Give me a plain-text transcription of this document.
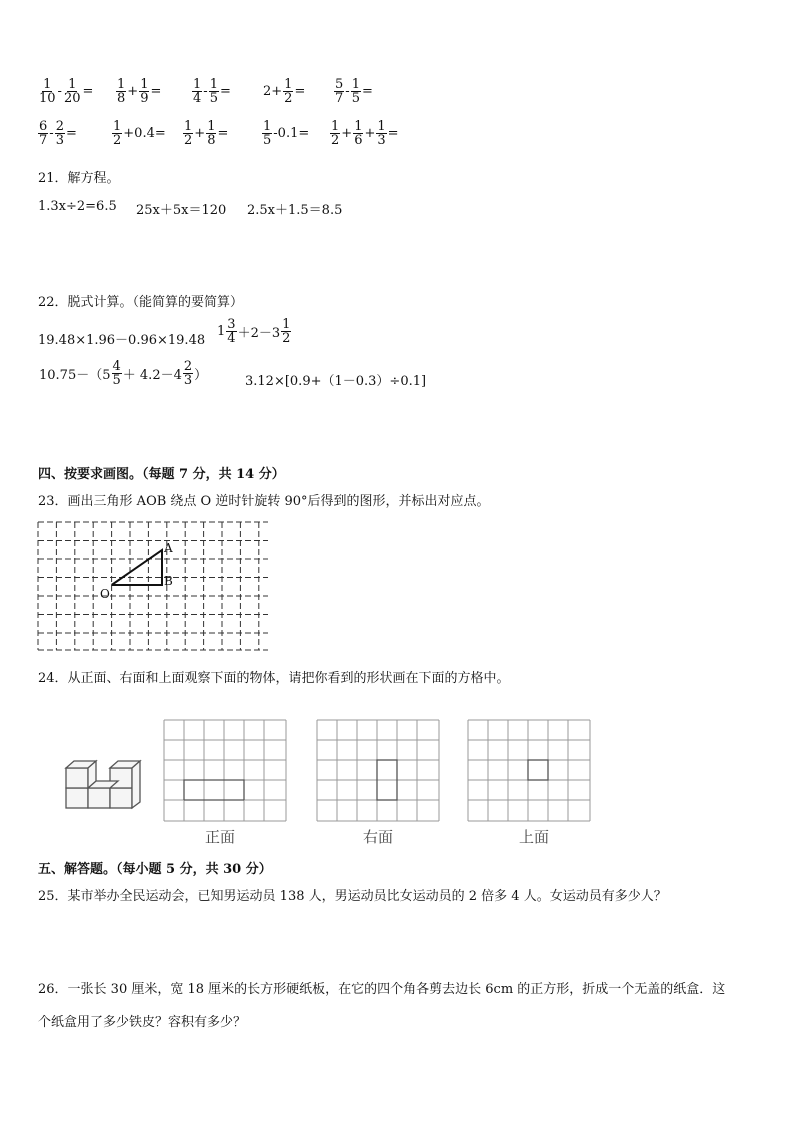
$\frac{1}{10} - \frac{1}{20} = \frac{1}{8} + \frac{1}{9} = \frac{1}{4} - \frac{1}{5} = 2+ \frac{1}{2} = \frac{5}{7} - \frac{1}{5}$ =
$\frac{6}{7} - \frac{2}{3}$ =	$\frac{1}{2} +0.4= \frac{1}{2} + \frac{1}{8}$ =	$\frac{1}{5} -0.1= \frac{1}{2} + \frac{1}{6} + \frac{1}{3}$ =
21．解方程。
1.3x÷2=6.5 25x＋5x＝120 2.5x＋1.5＝8.5
22．脱式计算。（能简算的要简算）
19.48×1.96－0.96×19.48
$1 \frac{3}{4} +2-3 \frac{1}{2}$
$10.75-(5 \frac{4}{5} + 4.2-4 \frac{2}{3}$ ）	3.12×[0.9+（1－0.3）÷0.1]
四、按要求画图。（每题 7 分，共 14 分）
23．画出三角形 AOB 绕点 O 逆时针旋转 90°后得到的图形，并标出对应点。
A
B
O
24．从正面、右面和上面观察下面的物体，请把你看到的形状画在下面的方格中。
正面	右面	上面
五、解答题。（每小题 5 分，共 30 分）
25．某市举办全民运动会，已知男运动员 138 人，男运动员比女运动员的 2 倍多 4 人。女运动员有多少人？
26．一张长 30 厘米，宽 18 厘米的长方形硬纸板，在它的四个角各剪去边长 6cm 的正方形，折成一个无盖的纸盒．这
个纸盒用了多少铁皮？容积有多少？
